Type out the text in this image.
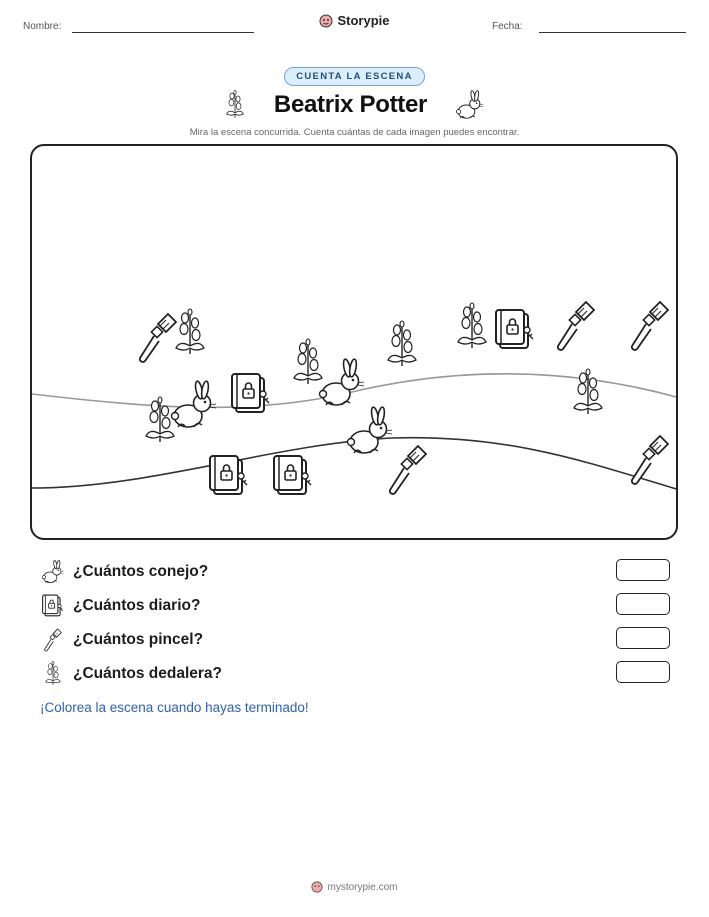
Nombre:	Storypie	Fecha:
CUENTA LA ESCENA
Beatrix Potter
Mira la escena concurrida. Cuenta cuántas de cada imagen puedes encontrar.
¿Cuántos conejo?
¿Cuántos diario?
¿Cuántos pincel?
¿Cuántos dedalera?
¡Colorea la escena cuando hayas terminado!
mystorypie.com
